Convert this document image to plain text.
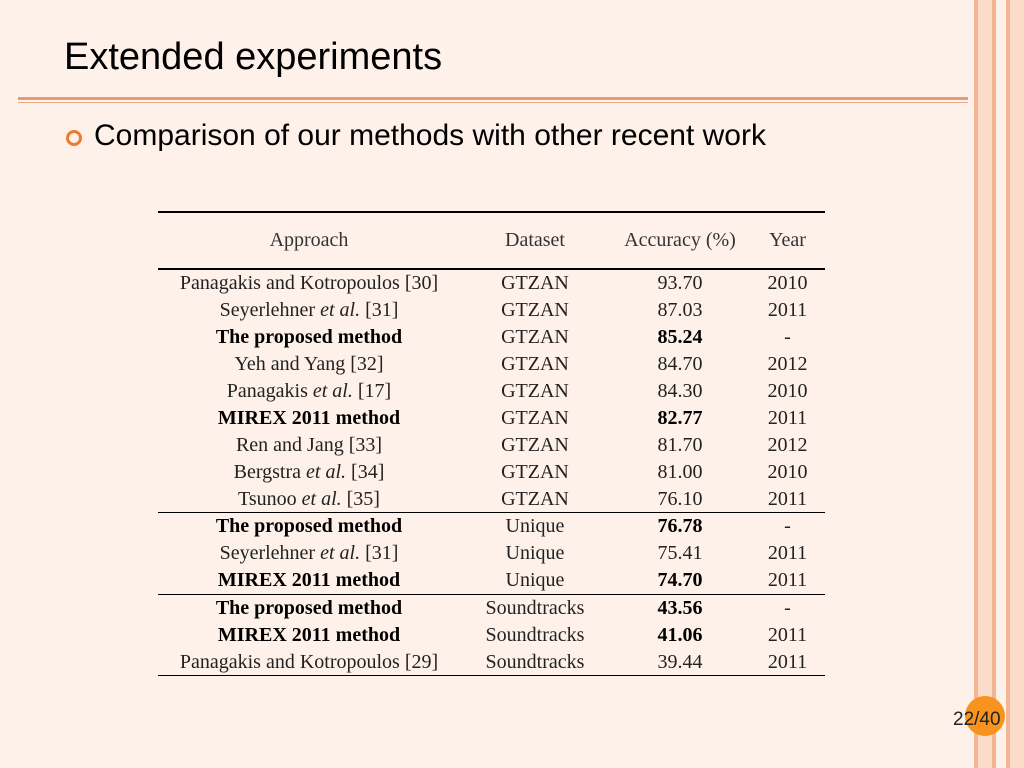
Extended experiments
Comparison of our methods with other recent work
Approach	Dataset	Accuracy (%)	Year
Panagakis and Kotropoulos [30]	GTZAN	93.70	2010
Seyerlehner et al. [31]	GTZAN	87.03	2011
The proposed method	GTZAN	85.24	-
Yeh and Yang [32]	GTZAN	84.70	2012
Panagakis et al. [17]	GTZAN	84.30	2010
MIREX 2011 method	GTZAN	82.77	2011
Ren and Jang [33]	GTZAN	81.70	2012
Bergstra et al. [34]	GTZAN	81.00	2010
Tsunoo et al. [35]	GTZAN	76.10	2011
The proposed method	Unique	76.78	-
Seyerlehner et al. [31]	Unique	75.41	2011
MIREX 2011 method	Unique	74.70	2011
The proposed method	Soundtracks	43.56	-
MIREX 2011 method	Soundtracks	41.06	2011
Panagakis and Kotropoulos [29]	Soundtracks	39.44	2011
22/40
